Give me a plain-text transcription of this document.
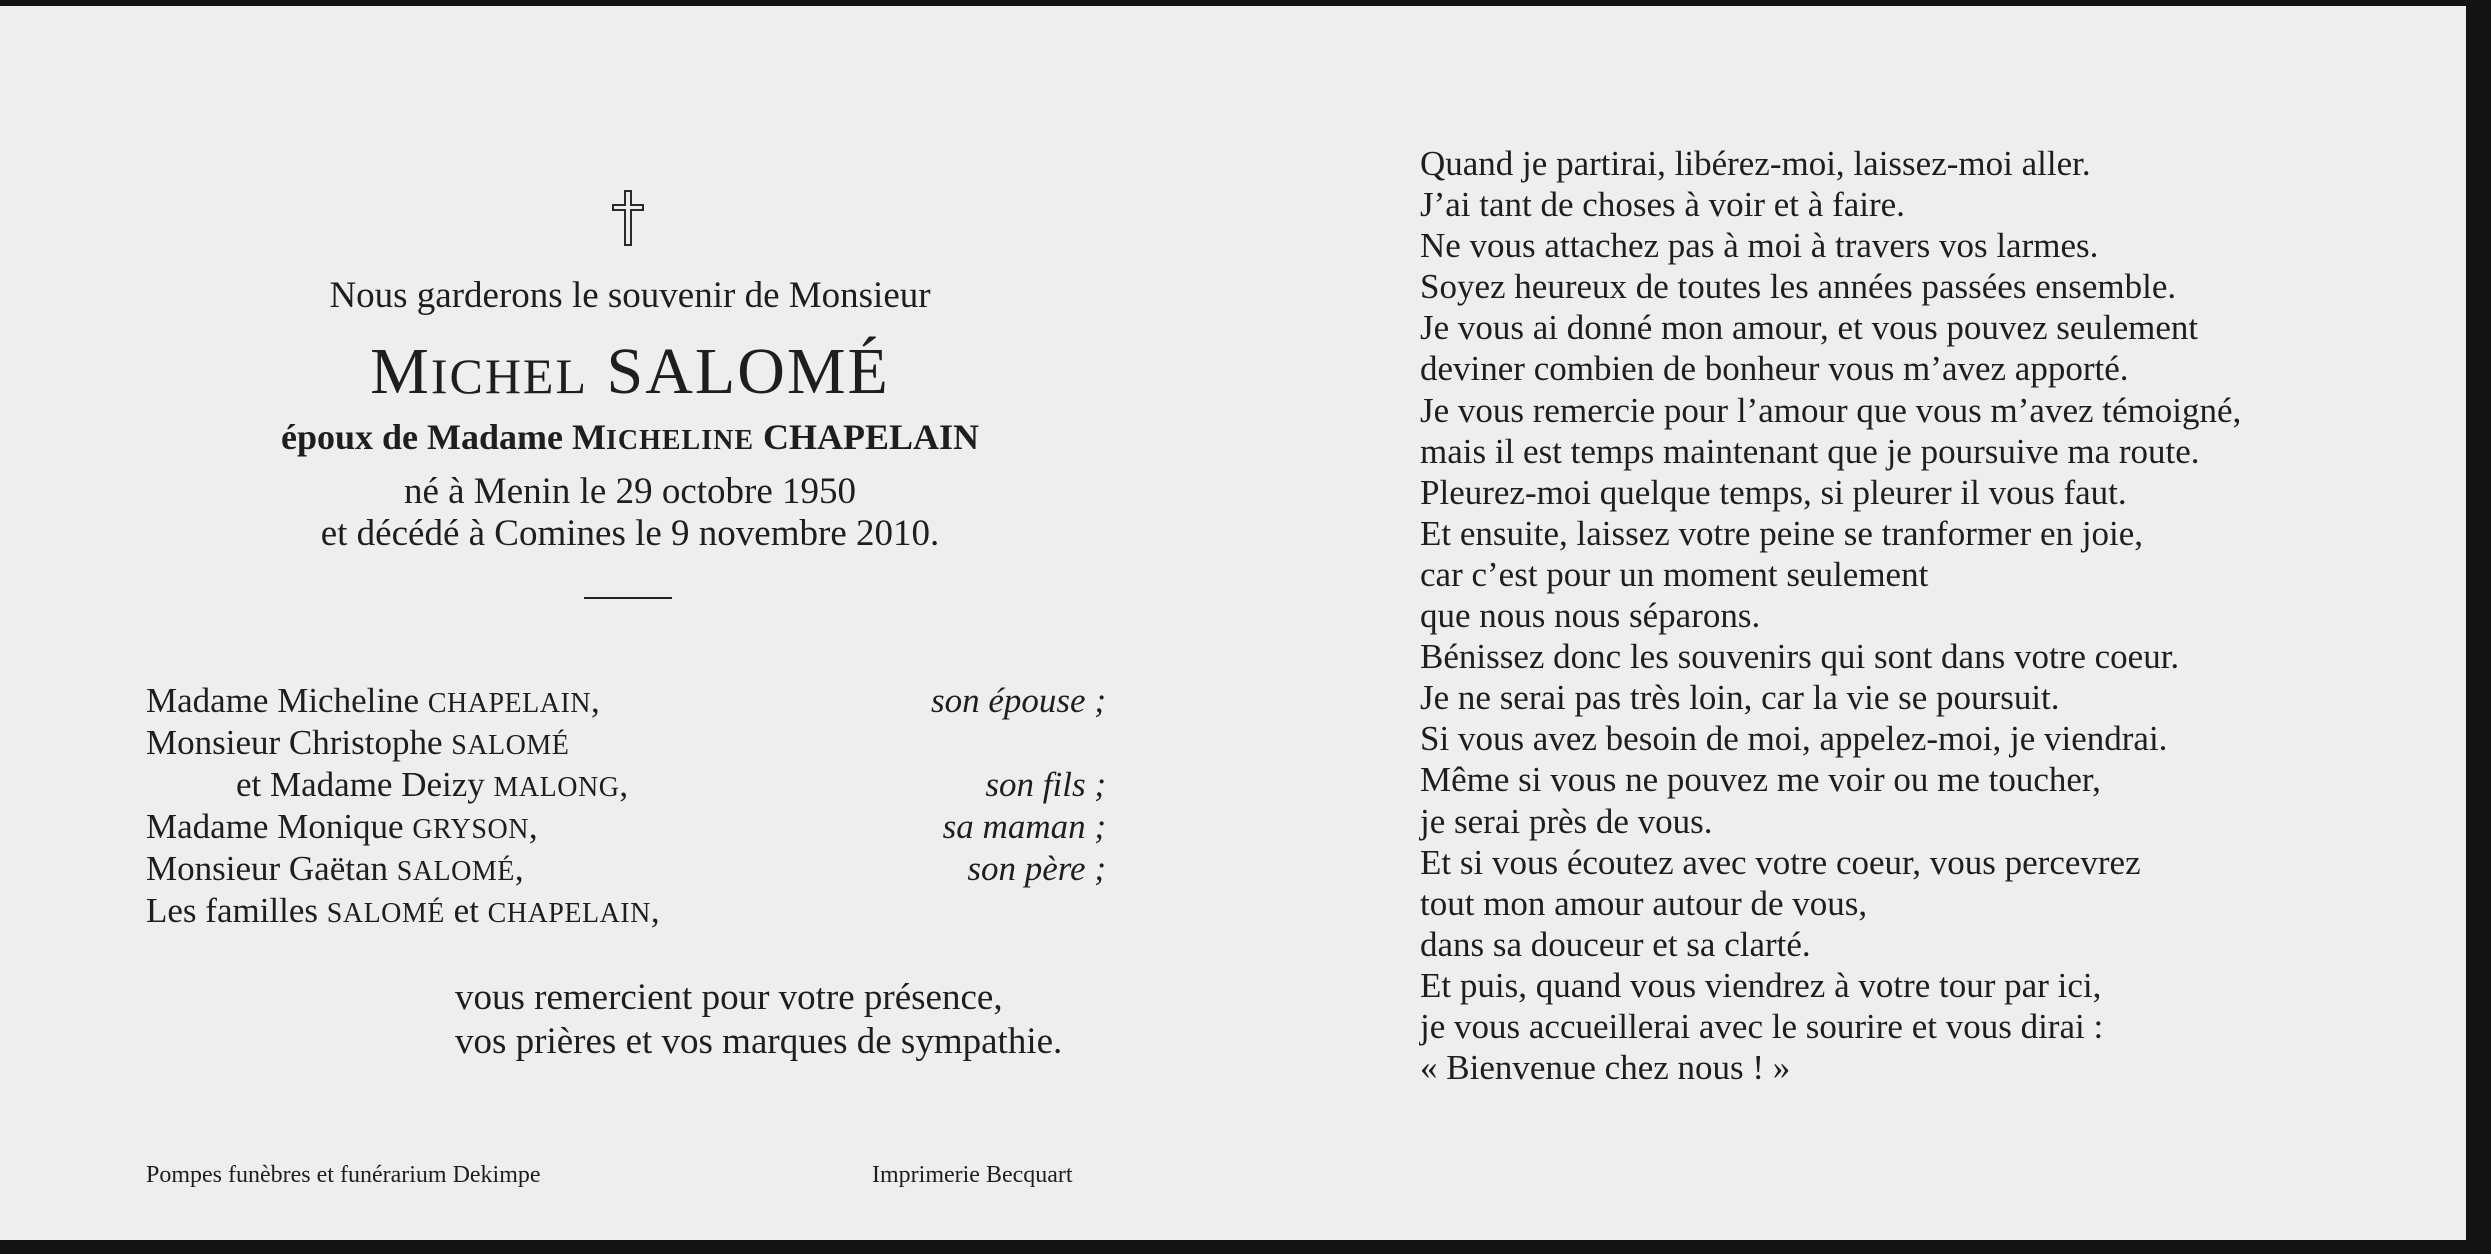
Nous garderons le souvenir de Monsieur
MICHEL SALOMÉ
époux de Madame MICHELINE CHAPELAIN
né à Menin le 29 octobre 1950
et décédé à Comines le 9 novembre 2010.
Madame Micheline CHAPELAIN,	son épouse ;
Monsieur Christophe SALOMÉ
et Madame Deizy MALONG,	son fils ;
Madame Monique GRYSON,	sa maman ;
Monsieur Gaëtan SALOMÉ,	son père ;
Les familles SALOMÉ et CHAPELAIN,
vous remercient pour votre présence,
vos prières et vos marques de sympathie.
Pompes funèbres et funérarium Dekimpe	Imprimerie Becquart
Quand je partirai, libérez-moi, laissez-moi aller.
J’ai tant de choses à voir et à faire.
Ne vous attachez pas à moi à travers vos larmes.
Soyez heureux de toutes les années passées ensemble.
Je vous ai donné mon amour, et vous pouvez seulement
deviner combien de bonheur vous m’avez apporté.
Je vous remercie pour l’amour que vous m’avez témoigné,
mais il est temps maintenant que je poursuive ma route.
Pleurez-moi quelque temps, si pleurer il vous faut.
Et ensuite, laissez votre peine se tranformer en joie,
car c’est pour un moment seulement
que nous nous séparons.
Bénissez donc les souvenirs qui sont dans votre coeur.
Je ne serai pas très loin, car la vie se poursuit.
Si vous avez besoin de moi, appelez-moi, je viendrai.
Même si vous ne pouvez me voir ou me toucher,
je serai près de vous.
Et si vous écoutez avec votre coeur, vous percevrez
tout mon amour autour de vous,
dans sa douceur et sa clarté.
Et puis, quand vous viendrez à votre tour par ici,
je vous accueillerai avec le sourire et vous dirai :
« Bienvenue chez nous ! »
